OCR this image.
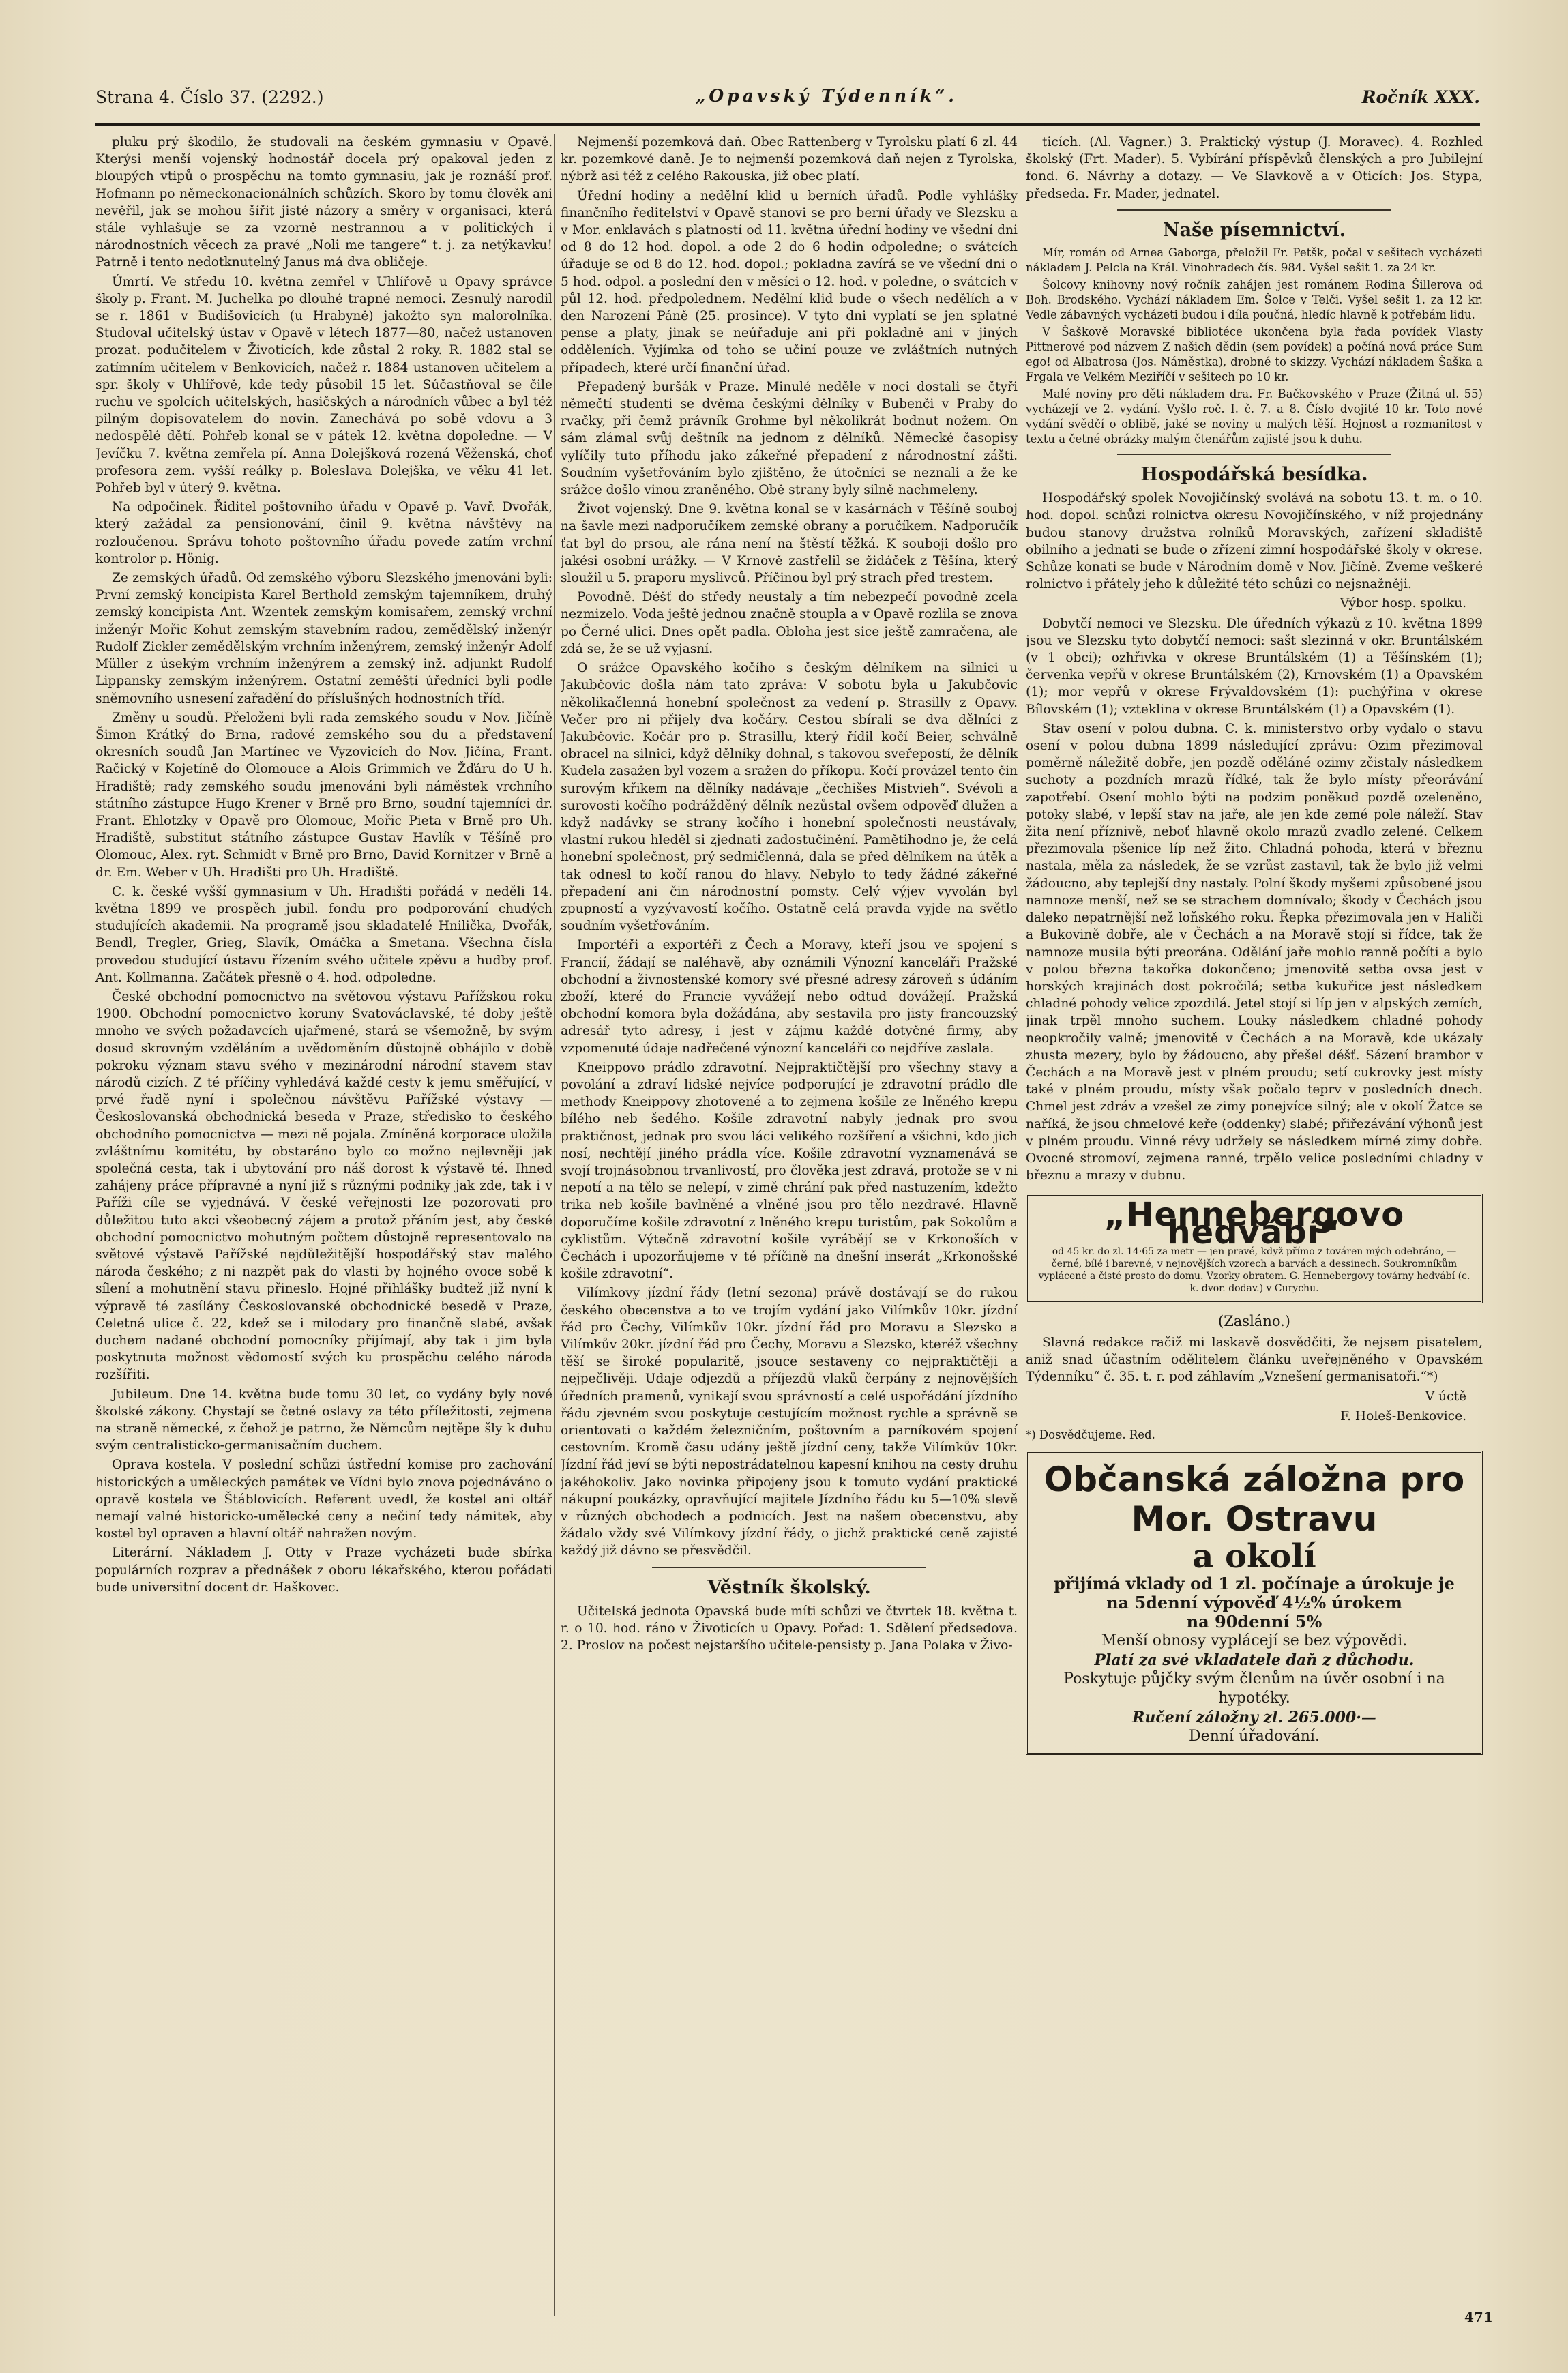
Strana 4. Číslo 37. (2292.)	„Opavský Týdenník“.	Ročník XXX.

pluku prý škodilo, že studovali na českém gymnasiu v Opavě. Kterýsi menší vojenský hodnostář docela prý opakoval jeden z bloupých vtipů o prospěchu na tomto gymnasiu, jak je roznáší prof. Hofmann po německonacionálních schůzích. Skoro by tomu člověk ani nevěřil, jak se mohou šířit jisté názory a směry v organisaci, která stále vyhlašuje se za vzorně nestrannou a v politických i národnostních věcech za pravé „Noli me tangere“ t. j. za netýkavku! Patrně i tento nedotknutelný Janus má dva obličeje.

Úmrtí. Ve středu 10. května zemřel v Uhlířově u Opavy správce školy p. Frant. M. Juchelka po dlouhé trapné nemoci. Zesnulý narodil se r. 1861 v Budišovicích (u Hrabyně) jakožto syn malorolníka. Studoval učitelský ústav v Opavě v létech 1877—80, načež ustanoven prozat. podučitelem v Životicích, kde zůstal 2 roky. R. 1882 stal se zatímním učitelem v Benkovicích, načež r. 1884 ustanoven učitelem a spr. školy v Uhlířově, kde tedy působil 15 let. Súčastňoval se čile ruchu ve spolcích učitelských, hasičských a národních vůbec a byl též pilným dopisovatelem do novin. Zanechává po sobě vdovu a 3 nedospělé dětí. Pohřeb konal se v pátek 12. května dopoledne. — V Jevíčku 7. května zemřela pí. Anna Dolejšková rozená Věženská, choť profesora zem. vyšší reálky p. Boleslava Dolejška, ve věku 41 let. Pohřeb byl v úterý 9. května.

Na odpočinek. Řiditel poštovního úřadu v Opavě p. Vavř. Dvořák, který zažádal za pensionování, činil 9. května návštěvy na rozloučenou. Správu tohoto poštovního úřadu povede zatím vrchní kontrolor p. Hönig.

Ze zemských úřadů. Od zemského výboru Slezského jmenováni byli: První zemský koncipista Karel Berthold zemským tajemníkem, druhý zemský koncipista Ant. Wzentek zemským komisařem, zemský vrchní inženýr Mořic Kohut zemským stavebním radou, zemědělský inženýr Rudolf Zickler zemědělským vrchním inženýrem, zemský inženýr Adolf Müller z úsekým vrchním inženýrem a zemský inž. adjunkt Rudolf Lippansky zemským inženýrem. Ostatní zeměští úředníci byli podle sněmovního usnesení zařadění do příslušných hodnostních tříd.

Změny u soudů. Přeloženi byli rada zemského soudu v Nov. Jičíně Šimon Krátký do Brna, radové zemského sou du a představení okresních soudů Jan Martínec ve Vyzovicích do Nov. Jičína, Frant. Račický v Kojetíně do Olomouce a Alois Grimmich ve Žďáru do U h. Hradiště; rady zemského soudu jmenováni byli náměstek vrchního státního zástupce Hugo Krener v Brně pro Brno, soudní tajemníci dr. Frant. Ehlotzky v Opavě pro Olomouc, Mořic Pieta v Brně pro Uh. Hradiště, substitut státního zástupce Gustav Havlík v Těšíně pro Olomouc, Alex. ryt. Schmidt v Brně pro Brno, David Kornitzer v Brně a dr. Em. Weber v Uh. Hradišti pro Uh. Hradiště.

C. k. české vyšší gymnasium v Uh. Hradišti pořádá v neděli 14. května 1899 ve prospěch jubil. fondu pro podporování chudých studujících akademii. Na programě jsou skladatelé Hnilička, Dvořák, Bendl, Tregler, Grieg, Slavík, Omáčka a Smetana. Všechna čísla provedou studující ústavu řízením svého učitele zpěvu a hudby prof. Ant. Kollmanna. Začátek přesně o 4. hod. odpoledne.

České obchodní pomocnictvo na světovou výstavu Pařížskou roku 1900. Obchodní pomocnictvo koruny Svatováclavské, té doby ještě mnoho ve svých požadavcích ujařmené, stará se všemožně, by svým dosud skrovným vzděláním a uvědoměním důstojně obhájilo v době pokroku význam stavu svého v mezinárodní národní stavem stav národů cizích. Z té příčiny vyhledává každé cesty k jemu směřující, v prvé řadě nyní i společnou návštěvu Pařížské výstavy — Českoslovanská obchodnická beseda v Praze, středisko to českého obchodního pomocnictva — mezi ně pojala. Zmíněná korporace uložila zvláštnímu komitétu, by obstaráno bylo co možno nejlevněji jak společná cesta, tak i ubytování pro náš dorost k výstavě té. Ihned zahájeny práce přípravné a nyní již s různými podniky jak zde, tak i v Paříži cíle se vyjednává. V české veřejnosti lze pozorovati pro důležitou tuto akci všeobecný zájem a protož přáním jest, aby české obchodní pomocnictvo mohutným počtem důstojně representovalo na světové výstavě Pařížské nejdůležitější hospodářský stav malého národa českého; z ni nazpět pak do vlasti by hojného ovoce sobě k sílení a mohutnění stavu přineslo. Hojné přihlášky budtež již nyní k výpravě té zasílány Českoslovanské obchodnické besedě v Praze, Celetná ulice č. 22, kdež se i milodary pro finančně slabé, avšak duchem nadané obchodní pomocníky přijímají, aby tak i jim byla poskytnuta možnost vědomostí svých ku prospěchu celého národa rozšířiti.

Jubileum. Dne 14. května bude tomu 30 let, co vydány byly nové školské zákony. Chystají se četné oslavy za této příležitosti, zejmena na straně německé, z čehož je patrno, že Němcům nejtěpe šly k duhu svým centralisticko-germanisačním duchem.

Oprava kostela. V poslední schůzi ústřední komise pro zachování historických a uměleckých památek ve Vídni bylo znova pojednáváno o opravě kostela ve Štáblovicích. Referent uvedl, že kostel ani oltář nemají valné historicko-umělecké ceny a nečiní tedy námitek, aby kostel byl opraven a hlavní oltář nahražen novým.

Literární. Nákladem J. Otty v Praze vycházeti bude sbírka populárních rozprav a přednášek z oboru lékařského, kterou pořádati bude universitní docent dr. Haškovec.

Nejmenší pozemková daň. Obec Rattenberg v Tyrolsku platí 6 zl. 44 kr. pozemkové daně. Je to nejmenší pozemková daň nejen z Tyrolska, nýbrž asi též z celého Rakouska, již obec platí.

Úřední hodiny a nedělní klid u berních úřadů. Podle vyhlášky finančního ředitelství v Opavě stanovi se pro berní úřady ve Slezsku a v Mor. enklavách s platností od 11. května úřední hodiny ve všední dni od 8 do 12 hod. dopol. a ode 2 do 6 hodin odpoledne; o svátcích úřaduje se od 8 do 12. hod. dopol.; pokladna zavírá se ve všední dni o 5 hod. odpol. a poslední den v měsíci o 12. hod. v poledne, o svátcích v půl 12. hod. předpolednem. Nedělní klid bude o všech nedělích a v den Narození Páně (25. prosince). V tyto dni vyplatí se jen splatné pense a platy, jinak se neúřaduje ani při pokladně ani v jiných odděleních. Vyjímka od toho se učiní pouze ve zvláštních nutných případech, které určí finanční úřad.

Přepadený buršák v Praze. Minulé neděle v noci dostali se čtyři němečtí studenti se dvěma českými dělníky v Bubenči v Praby do rvačky, při čemž právník Grohme byl několikrát bodnut nožem. On sám zlámal svůj deštník na jednom z dělníků. Německé časopisy vylíčily tuto příhodu jako zákeřné přepadení z národnostní zášti. Soudním vyšetřováním bylo zjištěno, že útočníci se neznali a že ke srážce došlo vinou zraněného. Obě strany byly silně nachmeleny.

Život vojenský. Dne 9. května konal se v kasárnách v Těšíně souboj na šavle mezi nadporučíkem zemské obrany a poručíkem. Nadporučík ťat byl do prsou, ale rána není na štěstí těžká. K souboji došlo pro jakési osobní urážky. — V Krnově zastřelil se židáček z Těšína, který sloužil u 5. praporu myslivců. Příčinou byl prý strach před trestem.

Povodně. Déšť do středy neustaly a tím nebezpečí povodně zcela nezmizelo. Voda ještě jednou značně stoupla a v Opavě rozlila se znova po Černé ulici. Dnes opět padla. Obloha jest sice ještě zamračena, ale zdá se, že se už vyjasní.

O srážce Opavského kočího s českým dělníkem na silnici u Jakubčovic došla nám tato zpráva: V sobotu byla u Jakubčovic několikačlenná honební společnost za vedení p. Strasilly z Opavy. Večer pro ni přijely dva kočáry. Cestou sbírali se dva dělníci z Jakubčovic. Kočár pro p. Strasillu, který řídil kočí Beier, schválně obracel na silnici, když dělníky dohnal, s takovou sveřepostí, že dělník Kudela zasažen byl vozem a sražen do příkopu. Kočí provázel tento čin surovým křikem na dělníky nadávaje „čechišes Mistvieh“. Svévoli a surovosti kočího podrážděný dělník nezůstal ovšem odpověď dlužen a když nadávky se strany kočího i honební společnosti neustávaly, vlastní rukou hleděl si zjednati zadostučinění. Pamětihodno je, že celá honební společnost, prý sedmičlenná, dala se před dělníkem na útěk a tak odnesl to kočí ranou do hlavy. Nebylo to tedy žádné zákeřné přepadení ani čin národnostní pomsty. Celý výjev vyvolán byl zpupností a vyzývavostí kočího. Ostatně celá pravda vyjde na světlo soudním vyšetřováním.

Importéři a exportéři z Čech a Moravy, kteří jsou ve spojení s Francií, žádají se naléhavě, aby oznámili Výnozní kanceláři Pražské obchodní a živnostenské komory své přesné adresy zároveň s údáním zboží, které do Francie vyvážejí nebo odtud dovážejí. Pražská obchodní komora byla dožádána, aby sestavila pro jisty francouzský adresář tyto adresy, i jest v zájmu každé dotyčné firmy, aby vzpomenuté údaje nadřečené výnozní kanceláři co nejdříve zaslala.

Kneippovo prádlo zdravotní. Nejpraktičtější pro všechny stavy a povolání a zdraví lidské nejvíce podporující je zdravotní prádlo dle methody Kneippovy zhotovené a to zejmena košile ze lněného krepu bílého neb šedého. Košile zdravotní nabyly jednak pro svou praktičnost, jednak pro svou láci velikého rozšíření a všichni, kdo jich nosí, nechtějí jiného prádla více. Košile zdravotní vyznamenává se svojí trojnásobnou trvanlivostí, pro člověka jest zdravá, protože se v ni nepotí a na tělo se nelepí, v zimě chrání pak před nastuzením, kdežto trika neb košile bavlněné a vlněné jsou pro tělo nezdravé. Hlavně doporučíme košile zdravotní z lněného krepu turistům, pak Sokolům a cyklistům. Výtečně zdravotní košile vyrábějí se v Krkonoších v Čechách i upozorňujeme v té příčině na dnešní inserát „Krkonošské košile zdravotní“.

Vilímkovy jízdní řády (letní sezona) právě dostávají se do rukou českého obecenstva a to ve trojím vydání jako Vilímkův 10kr. jízdní řád pro Čechy, Vilímkův 10kr. jízdní řád pro Moravu a Slezsko a Vilímkův 20kr. jízdní řád pro Čechy, Moravu a Slezsko, kteréž všechny těší se široké popularitě, jsouce sestaveny co nejpraktičtěji a nejpečlivěji. Udaje odjezdů a příjezdů vlaků čerpány z nejnovějších úředních pramenů, vynikají svou správností a celé uspořádání jízdního řádu zjevném svou poskytuje cestujícím možnost rychle a správně se orientovati o každém železničním, poštovním a parníkovém spojení cestovním. Kromě času udány ještě jízdní ceny, takže Vilímkův 10kr. Jízdní řád jeví se býti nepostrádatelnou kapesní knihou na cesty druhu jakéhokoliv. Jako novinka připojeny jsou k tomuto vydání praktické nákupní poukázky, opravňující majitele Jízdního řádu ku 5—10% slevě v různých obchodech a podnicích. Jest na našem obecenstvu, aby žádalo vždy své Vilímkovy jízdní řády, o jichž praktické ceně zajisté každý již dávno se přesvědčil.

Věstník školský.

Učitelská jednota Opavská bude míti schůzi ve čtvrtek 18. května t. r. o 10. hod. ráno v Životicích u Opavy. Pořad: 1. Sdělení předsedova. 2. Proslov na počest nejstaršího učitele-pensisty p. Jana Polaka v Živo-

ticích. (Al. Vagner.) 3. Praktický výstup (J. Moravec). 4. Rozhled školský (Frt. Mader). 5. Vybírání příspěvků členských a pro Jubilejní fond. 6. Návrhy a dotazy. — Ve Slavkově a v Oticích: Jos. Stypa, předseda. Fr. Mader, jednatel.

Naše písemnictví.

Mír, román od Arnea Gaborga, přeložil Fr. Petšk, počal v sešitech vycházeti nákladem J. Pelcla na Král. Vinohradech čís. 984. Vyšel sešit 1. za 24 kr.

Šolcovy knihovny nový ročník zahájen jest románem Rodina Šillerova od Boh. Brodského. Vychází nákladem Em. Šolce v Telči. Vyšel sešit 1. za 12 kr. Vedle zábavných vycházeti budou i díla poučná, hledíc hlavně k potřebám lidu.

V Šaškově Moravské bibliotéce ukončena byla řada povídek Vlasty Pittnerové pod názvem Z našich dědin (sem povídek) a počíná nová práce Sum ego! od Albatrosa (Jos. Náměstka), drobné to skizzy. Vychází nákladem Šaška a Frgala ve Velkém Meziříčí v sešitech po 10 kr.

Malé noviny pro děti nákladem dra. Fr. Bačkovského v Praze (Žitná ul. 55) vycházejí ve 2. vydání. Vyšlo roč. I. č. 7. a 8. Číslo dvojité 10 kr. Toto nové vydání svědčí o oblibě, jaké se noviny u malých těší. Hojnost a rozmanitost v textu a četné obrázky malým čtenářům zajisté jsou k duhu.

Hospodářská besídka.

Hospodářský spolek Novojičínský svolává na sobotu 13. t. m. o 10. hod. dopol. schůzi rolnictva okresu Novojičínského, v níž projednány budou stanovy družstva rolníků Moravských, zařízení skladiště obilního a jednati se bude o zřízení zimní hospodářské školy v okrese. Schůze konati se bude v Národním domě v Nov. Jičíně. Zveme veškeré rolnictvo i přátely jeho k důležité této schůzi co nejsnažněji.

Výbor hosp. spolku.

Dobytčí nemoci ve Slezsku. Dle úředních výkazů z 10. května 1899 jsou ve Slezsku tyto dobytčí nemoci: sašt slezinná v okr. Bruntálském (v 1 obci); ozhřivka v okrese Bruntálském (1) a Těšínském (1); červenka vepřů v okrese Bruntálském (2), Krnovském (1) a Opavském (1); mor vepřů v okrese Frývaldovském (1): puchýřina v okrese Bílovském (1); vzteklina v okrese Bruntálském (1) a Opavském (1).

Stav osení v polou dubna. C. k. ministerstvo orby vydalo o stavu osení v polou dubna 1899 následující zprávu: Ozim přezimoval poměrně náležitě dobře, jen pozdě oděláné ozimy zčistaly následkem suchoty a pozdních mrazů řídké, tak že bylo místy přeorávání zapotřebí. Osení mohlo býti na podzim poněkud pozdě ozeleněno, potoky slabé, v lepší stav na jaře, ale jen kde zemé pole náleží. Stav žita není příznivě, neboť hlavně okolo mrazů zvadlo zelené. Celkem přezimovala pšenice líp než žito. Chladná pohoda, která v březnu nastala, měla za následek, že se vzrůst zastavil, tak že bylo již velmi žádoucno, aby teplejší dny nastaly. Polní škody myšemi způsobené jsou namnoze menší, než se se strachem domnívalo; škody v Čechách jsou daleko nepatrnější než loňského roku. Řepka přezimovala jen v Haliči a Bukovině dobře, ale v Čechách a na Moravě stojí si řídce, tak že namnoze musila býti preorána. Odělání jaře mohlo ranně počíti a bylo v polou března takořka dokončeno; jmenovitě setba ovsa jest v horských krajinách dost pokročilá; setba kukuřice jest následkem chladné pohody velice zpozdilá. Jetel stojí si líp jen v alpských zemích, jinak trpěl mnoho suchem. Louky následkem chladné pohody neopkročily valně; jmenovitě v Čechách a na Moravě, kde ukázaly zhusta mezery, bylo by žádoucno, aby přešel déšť. Sázení brambor v Čechách a na Moravě jest v plném proudu; setí cukrovky jest místy také v plném proudu, místy však počalo teprv v posledních dnech. Chmel jest zdráv a vzešel ze zimy ponejvíce silný; ale v okolí Žatce se naříká, že jsou chmelové keře (oddenky) slabé; přiřezávání výhonů jest v plném proudu. Vinné révy udržely se následkem mírné zimy dobře. Ovocné stromoví, zejmena ranné, trpělo velice posledními chladny v březnu a mrazy v dubnu.

„Hennebergovo hedvábí“
od 45 kr. do zl. 14·65 za metr — jen pravé, když přímo z továren mých odebráno, — černé, bílé i barevné, v nejnovějších vzorech a barvách a dessinech. Soukromníkům vyplácené a čisté prosto do domu. Vzorky obratem. G. Hennebergovy továrny hedvábí (c. k. dvor. dodav.) v Curychu.
(Zasláno.)

Slavná redakce račiž mi laskavě dosvědčiti, že nejsem pisatelem, aniž snad účastním odělitelem článku uveřejněného v Opavském Týdenníku“ č. 35. t. r. pod záhlavím „Vznešení germanisatoři.“*)

V úctě
F. Holeš-Benkovice.
*) Dosvědčujeme. Red.
Občanská záložna pro Mor. Ostravu
a okolí
přijímá vklady od 1 zl. počínaje a úrokuje je
na 5denní výpověď 4½% úrokem
na 90denní 5%
Menší obnosy vyplácejí se bez výpovědi.
Platí za své vkladatele daň z důchodu.
Poskytuje půjčky svým členům na úvěr osobní i na hypotéky.
Ručení záložny zl. 265.000·—
Denní úřadování.
471
